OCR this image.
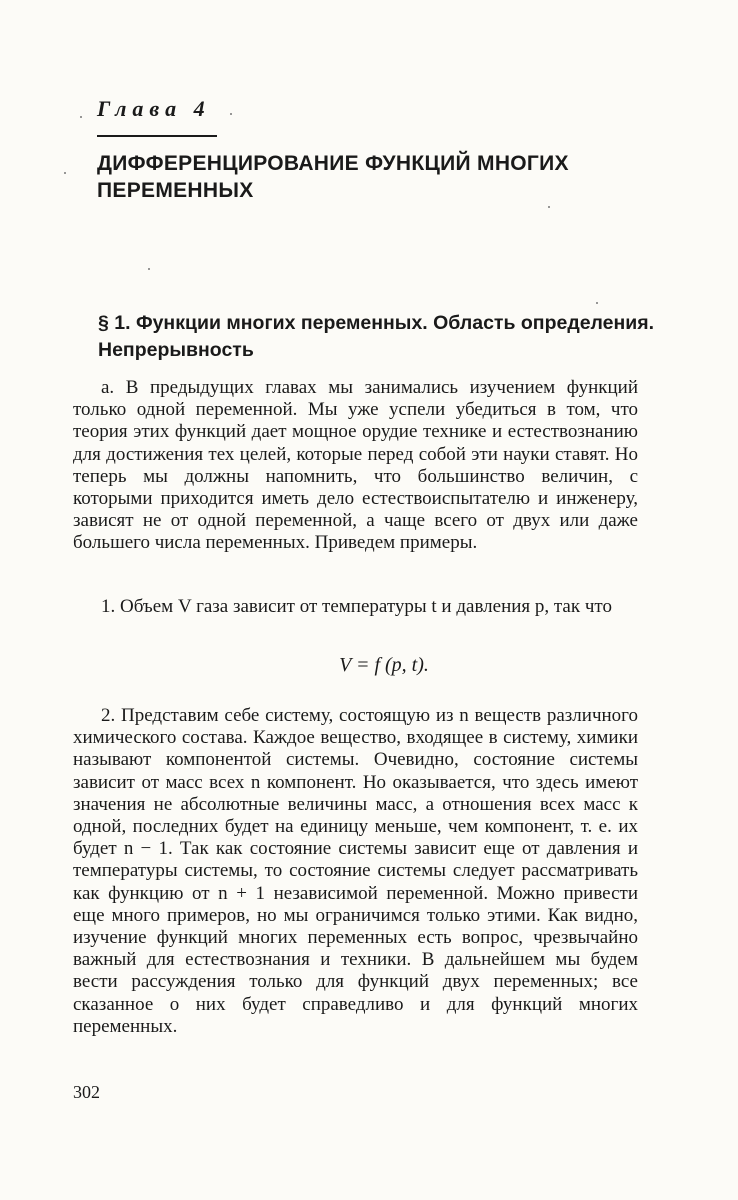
Глава 4
ДИФФЕРЕНЦИРОВАНИЕ ФУНКЦИЙ МНОГИХ ПЕРЕМЕННЫХ
§ 1. Функции многих переменных. Область определения. Непрерывность

а. В предыдущих главах мы занимались изучением функций только одной переменной. Мы уже успели убедиться в том, что теория этих функций дает мощное орудие технике и естествознанию для достижения тех целей, которые перед собой эти науки ставят. Но теперь мы должны напомнить, что большинство величин, с которыми приходится иметь дело естествоиспытателю и инженеру, зависят не от одной переменной, а чаще всего от двух или даже большего числа переменных. Приведем примеры.

1. Объем V газа зависит от температуры t и давления p, так что

V = f (p, t).

2. Представим себе систему, состоящую из n веществ различного химического состава. Каждое вещество, входящее в систему, химики называют компонентой системы. Очевидно, состояние системы зависит от масс всех n компонент. Но оказывается, что здесь имеют значения не абсолютные величины масс, а отношения всех масс к одной, последних будет на единицу меньше, чем компонент, т. е. их будет n − 1. Так как состояние системы зависит еще от давления и температуры системы, то состояние системы следует рассматривать как функцию от n + 1 независимой переменной. Можно привести еще много примеров, но мы ограничимся только этими. Как видно, изучение функций многих переменных есть вопрос, чрезвычайно важный для естествознания и техники. В дальнейшем мы будем вести рассуждения только для функций двух переменных; все сказанное о них будет справедливо и для функций многих переменных.

302
